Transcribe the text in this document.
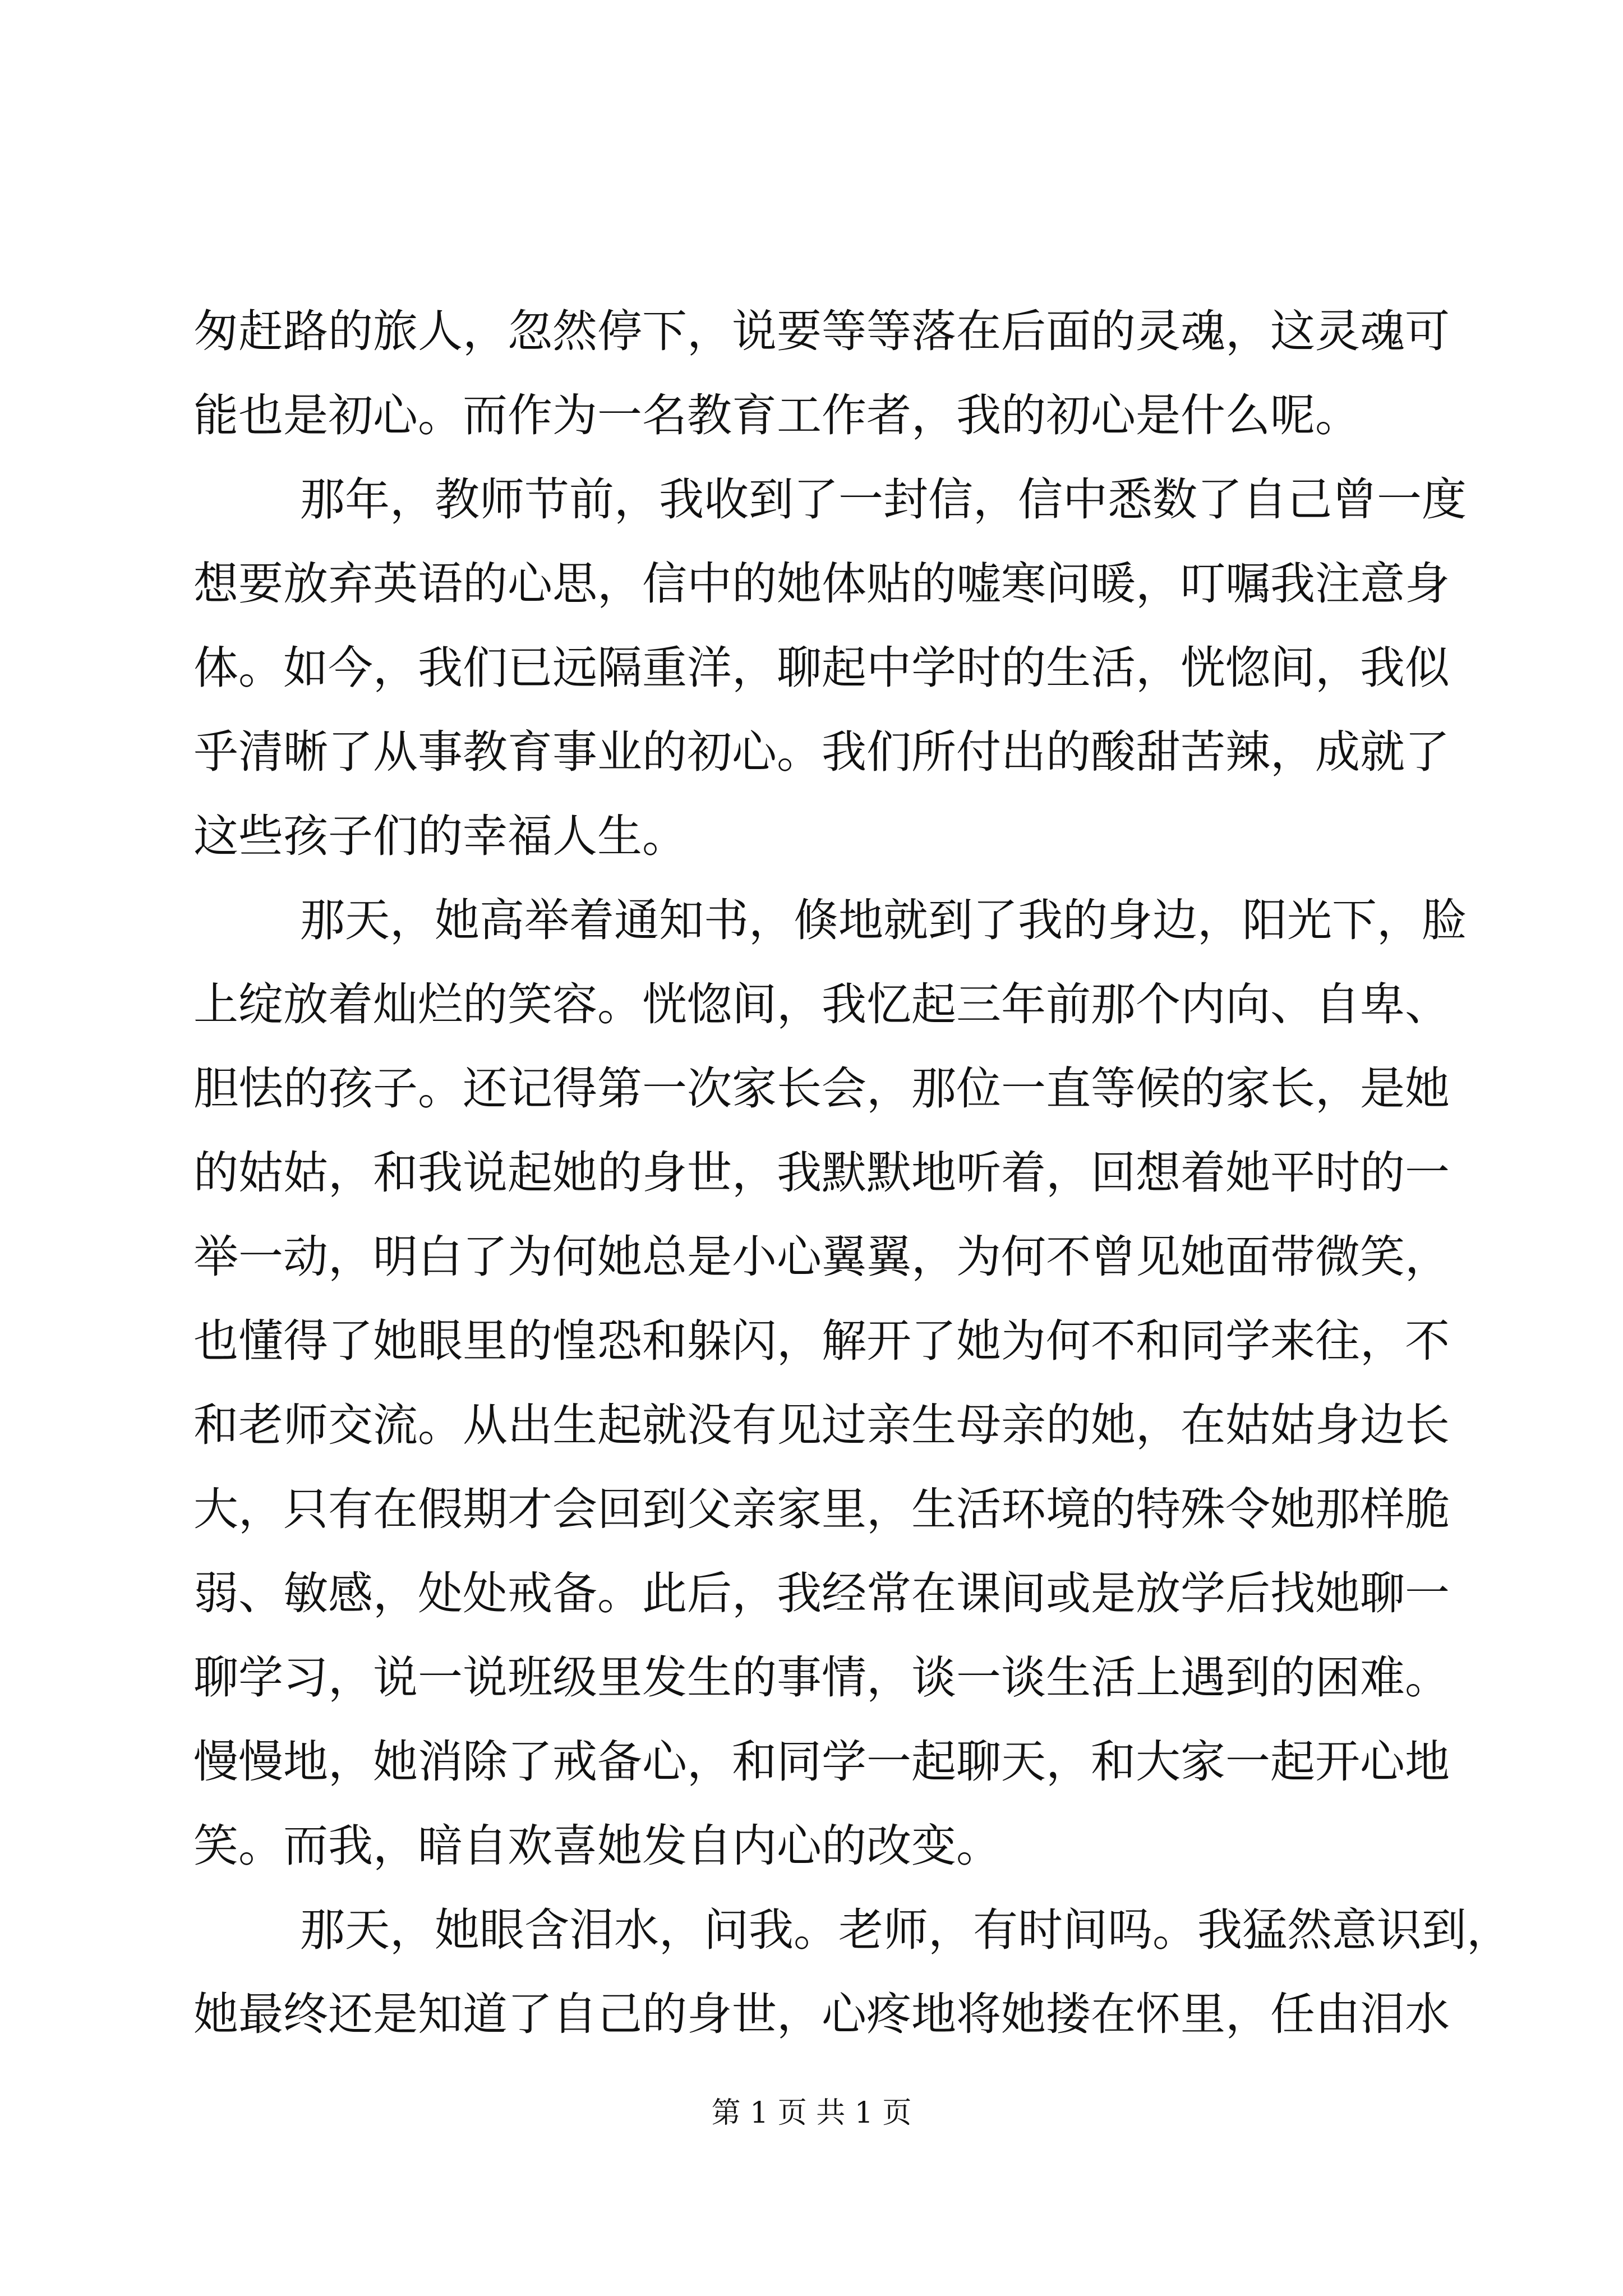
匆赶路的旅人，忽然停下，说要等等落在后面的灵魂，这灵魂可
能也是初心。而作为一名教育工作者，我的初心是什么呢。
那年，教师节前，我收到了一封信，信中悉数了自己曾一度
想要放弃英语的心思，信中的她体贴的嘘寒问暖，叮嘱我注意身
体。如今，我们已远隔重洋，聊起中学时的生活，恍惚间，我似
乎清晰了从事教育事业的初心。我们所付出的酸甜苦辣，成就了
这些孩子们的幸福人生。
那天，她高举着通知书，倏地就到了我的身边，阳光下，脸
上绽放着灿烂的笑容。恍惚间，我忆起三年前那个内向、自卑、
胆怯的孩子。还记得第一次家长会，那位一直等候的家长，是她
的姑姑，和我说起她的身世，我默默地听着，回想着她平时的一
举一动，明白了为何她总是小心翼翼，为何不曾见她面带微笑，
也懂得了她眼里的惶恐和躲闪，解开了她为何不和同学来往，不
和老师交流。从出生起就没有见过亲生母亲的她，在姑姑身边长
大，只有在假期才会回到父亲家里，生活环境的特殊令她那样脆
弱、敏感，处处戒备。此后，我经常在课间或是放学后找她聊一
聊学习，说一说班级里发生的事情，谈一谈生活上遇到的困难。
慢慢地，她消除了戒备心，和同学一起聊天，和大家一起开心地
笑。而我，暗自欢喜她发自内心的改变。
那天，她眼含泪水，问我。老师，有时间吗。我猛然意识到，
她最终还是知道了自己的身世，心疼地将她搂在怀里，任由泪水
第 1 页 共 1 页
